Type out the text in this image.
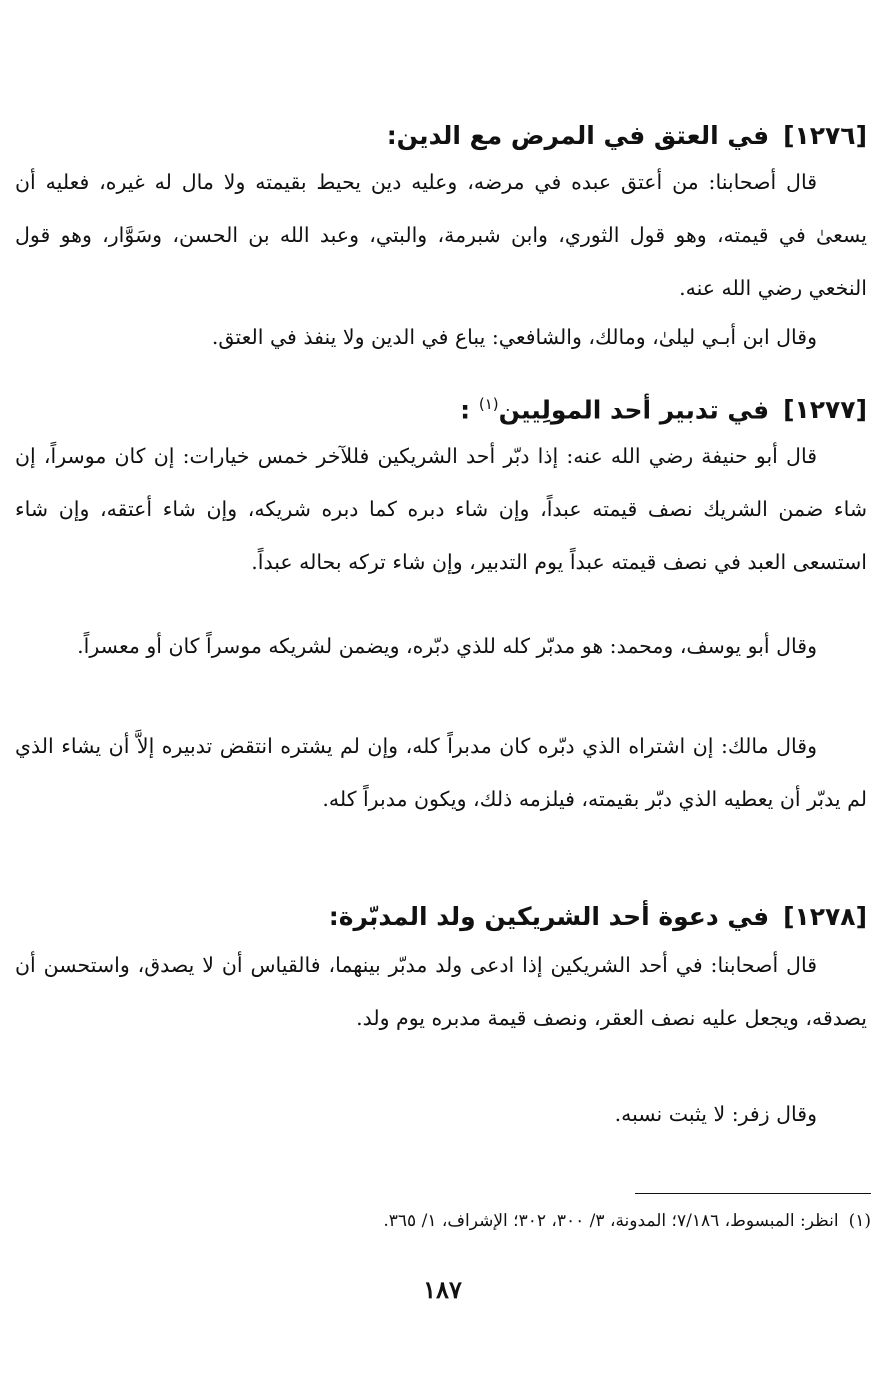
[١٢٧٦]في العتق في المرض مع الدين:

قال أصحابنا: من أعتق عبده في مرضه، وعليه دين يحيط بقيمته ولا مال له غيره، فعليه أن يسعىٰ في قيمته، وهو قول الثوري، وابن شبرمة، والبتي، وعبد الله بن الحسن، وسَوَّار، وهو قول النخعي رضي الله عنه.

وقال ابن أبـي ليلىٰ، ومالك، والشافعي: يباع في الدين ولا ينفذ في العتق.

[١٢٧٧]في تدبير أحد المولِيين$^{(١)}$ :

قال أبو حنيفة رضي الله عنه: إذا دبّر أحد الشريكين فللآخر خمس خيارات: إن كان موسراً، إن شاء ضمن الشريك نصف قيمته عبداً، وإن شاء دبره كما دبره شريكه، وإن شاء أعتقه، وإن شاء استسعى العبد في نصف قيمته عبداً يوم التدبير، وإن شاء تركه بحاله عبداً.

وقال أبو يوسف، ومحمد: هو مدبّر كله للذي دبّره، ويضمن لشريكه موسراً كان أو معسراً.

وقال مالك: إن اشتراه الذي دبّره كان مدبراً كله، وإن لم يشتره انتقض تدبيره إلاَّ أن يشاء الذي لم يدبّر أن يعطيه الذي دبّر بقيمته، فيلزمه ذلك، ويكون مدبراً كله.

[١٢٧٨]في دعوة أحد الشريكين ولد المدبّرة:

قال أصحابنا: في أحد الشريكين إذا ادعى ولد مدبّر بينهما، فالقياس أن لا يصدق، واستحسن أن يصدقه، ويجعل عليه نصف العقر، ونصف قيمة مدبره يوم ولد.

وقال زفر: لا يثبت نسبه.

(١)انظر: المبسوط، ٧/١٨٦؛ المدونة، ٣/ ٣٠٠، ٣٠٢؛ الإشراف، ١/ ٣٦٥.
١٨٧
